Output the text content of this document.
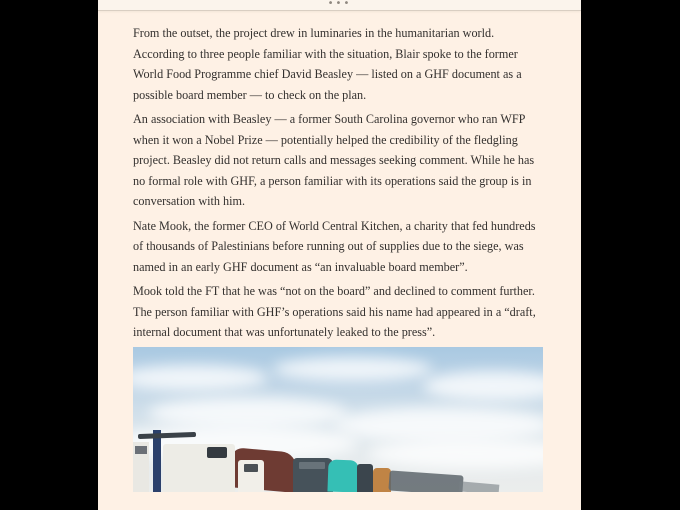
•••

From the outset, the project drew in luminaries in the humanitarian world. According to three people familiar with the situation, Blair spoke to the former World Food Programme chief David Beasley — listed on a GHF document as a possible board member — to check on the plan.

An association with Beasley — a former South Carolina governor who ran WFP when it won a Nobel Prize — potentially helped the credibility of the fledgling project. Beasley did not return calls and messages seeking comment. While he has no formal role with GHF, a person familiar with its operations said the group is in conversation with him.

Nate Mook, the former CEO of World Central Kitchen, a charity that fed hundreds of thousands of Palestinians before running out of supplies due to the siege, was named in an early GHF document as “an invaluable board member”.

Mook told the FT that he was “not on the board” and declined to comment further. The person familiar with GHF’s operations said his name had appeared in a “draft, internal document that was unfortunately leaked to the press”.
